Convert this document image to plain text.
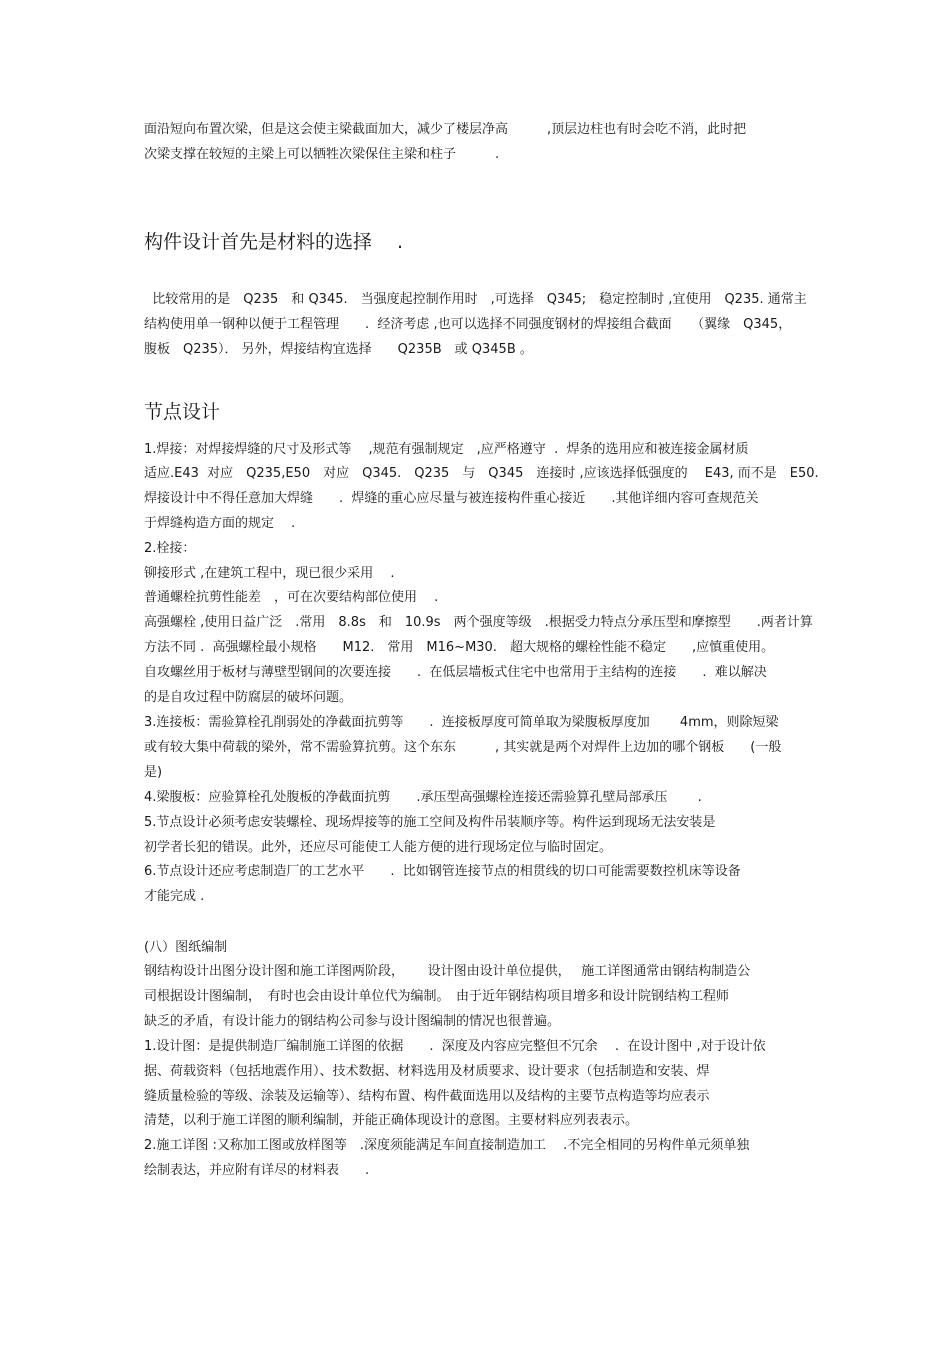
面沿短向布置次梁，但是这会使主梁截面加大，减少了楼层净高　　　,顶层边柱也有时会吃不消，此时把
次梁支撑在较短的主梁上可以牺牲次梁保住主梁和柱子　　　.
构件设计首先是材料的选择　 .
比较常用的是　Q235　和 Q345.　当强度起控制作用时　,可选择　Q345;　稳定控制时 ,宜使用　Q235. 通常主
结构使用单一钢种以便于工程管理　　.  经济考虑 ,也可以选择不同强度钢材的焊接组合截面　　（翼缘　Q345，
腹板　Q235）． 另外，焊接结构宜选择　　Q235B　或 Q345B 。
节点设计
1.焊接：对焊接焊缝的尺寸及形式等　 ,规范有强制规定　,应严格遵守  .  焊条的选用应和被连接金属材质
适应.E43  对应　Q235,E50　对应　Q345.　Q235　与　Q345　连接时 ,应该选择低强度的　 E43, 而不是　E50.
焊接设计中不得任意加大焊缝　　.  焊缝的重心应尽量与被连接构件重心接近　　.其他详细内容可查规范关
于焊缝构造方面的规定　 .
2.栓接：
铆接形式 ,在建筑工程中，现已很少采用　 .
普通螺栓抗剪性能差　，可在次要结构部位使用　 .
高强螺栓 ,使用日益广泛　.常用　8.8s　和　10.9s　两个强度等级　.根据受力特点分承压型和摩擦型　　.两者计算
方法不同 .  高强螺栓最小规格　　M12.　常用　M16~M30.　超大规格的螺栓性能不稳定　　,应慎重使用。
自攻螺丝用于板材与薄壁型钢间的次要连接　　.  在低层墙板式住宅中也常用于主结构的连接　　.  难以解决
的是自攻过程中防腐层的破坏问题。
3.连接板：需验算栓孔削弱处的净截面抗剪等　　.  连接板厚度可简单取为梁腹板厚度加　　 4mm，则除短梁
或有较大集中荷载的梁外，常不需验算抗剪。这个东东　　　, 其实就是两个对焊件上边加的哪个钢板　　(一般
是)
4.梁腹板：应验算栓孔处腹板的净截面抗剪　　.承压型高强螺栓连接还需验算孔壁局部承压　　 .
5.节点设计必须考虑安装螺栓、现场焊接等的施工空间及构件吊装顺序等。构件运到现场无法安装是
初学者长犯的错误。此外，还应尽可能使工人能方便的进行现场定位与临时固定。
6.节点设计还应考虑制造厂的工艺水平　　.  比如钢管连接节点的相贯线的切口可能需要数控机床等设备
才能完成 .
(八）图纸编制
钢结构设计出图分设计图和施工详图两阶段，　　 设计图由设计单位提供，　 施工详图通常由钢结构制造公
司根据设计图编制，　有时也会由设计单位代为编制。　由于近年钢结构项目增多和设计院钢结构工程师
缺乏的矛盾，有设计能力的钢结构公司参与设计图编制的情况也很普遍。
1.设计图：是提供制造厂编制施工详图的依据　　.  深度及内容应完整但不冗余　 .  在设计图中 ,对于设计依
据、荷载资料（包括地震作用）、技术数据、材料选用及材质要求、设计要求（包括制造和安装、焊
缝质量检验的等级、涂装及运输等）、结构布置、构件截面选用以及结构的主要节点构造等均应表示
清楚，以利于施工详图的顺利编制，并能正确体现设计的意图。主要材料应列表表示。
2.施工详图 :又称加工图或放样图等　.深度须能满足车间直接制造加工　 .不完全相同的另构件单元须单独
绘制表达，并应附有详尽的材料表　　.
